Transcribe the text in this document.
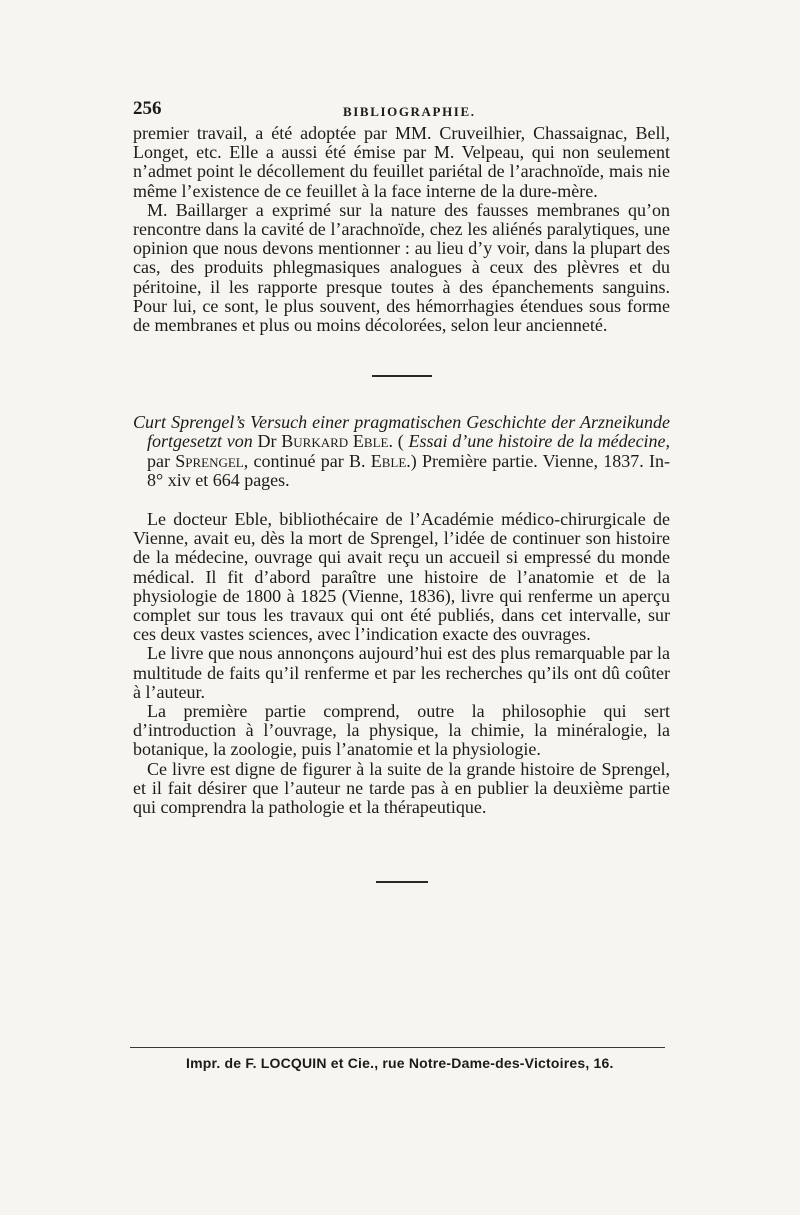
256	BIBLIOGRAPHIE.

premier travail, a été adoptée par MM. Cruveilhier, Chassaignac, Bell, Longet, etc. Elle a aussi été émise par M. Velpeau, qui non seulement n’admet point le décollement du feuillet pariétal de l’arachnoïde, mais nie même l’existence de ce feuillet à la face interne de la dure-mère.

M. Baillarger a exprimé sur la nature des fausses membranes qu’on rencontre dans la cavité de l’arachnoïde, chez les aliénés paralytiques, une opinion que nous devons mentionner : au lieu d’y voir, dans la plupart des cas, des produits phlegmasiques analogues à ceux des plèvres et du péritoine, il les rapporte presque toutes à des épanchements sanguins. Pour lui, ce sont, le plus souvent, des hémorrhagies étendues sous forme de membranes et plus ou moins décolorées, selon leur ancienneté.

Curt Sprengel’s Versuch einer pragmatischen Geschichte der Arzneikunde fortgesetzt von Dr Burkard Eble. ( Essai d’une histoire de la médecine, par Sprengel, continué par B. Eble.) Première partie. Vienne, 1837. In-8° xiv et 664 pages.

Le docteur Eble, bibliothécaire de l’Académie médico-chirurgicale de Vienne, avait eu, dès la mort de Sprengel, l’idée de continuer son histoire de la médecine, ouvrage qui avait reçu un accueil si empressé du monde médical. Il fit d’abord paraître une histoire de l’anatomie et de la physiologie de 1800 à 1825 (Vienne, 1836), livre qui renferme un aperçu complet sur tous les travaux qui ont été publiés, dans cet intervalle, sur ces deux vastes sciences, avec l’indication exacte des ouvrages.

Le livre que nous annonçons aujourd’hui est des plus remarquable par la multitude de faits qu’il renferme et par les recherches qu’ils ont dû coûter à l’auteur.

La première partie comprend, outre la philosophie qui sert d’introduction à l’ouvrage, la physique, la chimie, la minéralogie, la botanique, la zoologie, puis l’anatomie et la physiologie.

Ce livre est digne de figurer à la suite de la grande histoire de Sprengel, et il fait désirer que l’auteur ne tarde pas à en publier la deuxième partie qui comprendra la pathologie et la thérapeutique.

Impr. de F. LOCQUIN et Cie., rue Notre-Dame-des-Victoires, 16.
